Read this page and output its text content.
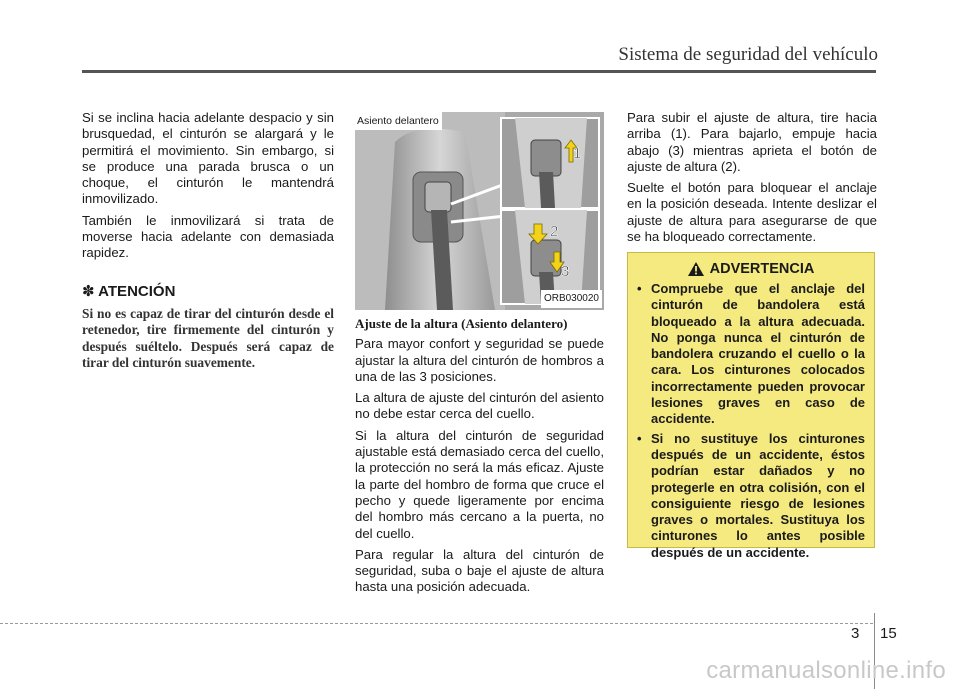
Sistema de seguridad del vehículo

Si se inclina hacia adelante despacio y sin brusquedad, el cinturón se alargará y le permitirá el movimiento. Sin embargo, si se produce una parada brusca o un choque, el cinturón le mantendrá inmovilizado.

También le inmovilizará si trata de moverse hacia adelante con demasiada rapidez.

✽ ATENCIÓN
Si no es capaz de tirar del cinturón desde el retenedor, tire firmemente del cinturón y después suéltelo. Después será capaz de tirar del cinturón suavemente.
1
2
3
Asiento delantero
ORB030020
Ajuste de la altura (Asiento delantero)

Para mayor confort y seguridad se puede ajustar la altura del cinturón de hombros a una de las 3 posiciones.

La altura de ajuste del cinturón del asiento no debe estar cerca del cuello.

Si la altura del cinturón de seguridad ajustable está demasiado cerca del cuello, la protección no será la más eficaz. Ajuste la parte del hombro de forma que cruce el pecho y quede ligeramente por encima del hombro más cercano a la puerta, no del cuello.

Para regular la altura del cinturón de seguridad, suba o baje el ajuste de altura hasta una posición adecuada.

Para subir el ajuste de altura, tire hacia arriba (1). Para bajarlo, empuje hacia abajo (3) mientras aprieta el botón de ajuste de altura (2).

Suelte el botón para bloquear el anclaje en la posición deseada. Intente deslizar el ajuste de altura para asegurarse de que se ha bloqueado correctamente.

ADVERTENCIA
• Compruebe que el anclaje del cinturón de bandolera está bloqueado a la altura adecuada. No ponga nunca el cinturón de bandolera cruzando el cuello o la cara. Los cinturones colocados incorrectamente pueden provocar lesiones graves en caso de accidente.
• Si no sustituye los cinturones después de un accidente, éstos podrían estar dañados y no protegerle en otra colisión, con el consiguiente riesgo de lesiones graves o mortales. Sustituya los cinturones lo antes posible después de un accidente.
3 15
carmanualsonline.info
